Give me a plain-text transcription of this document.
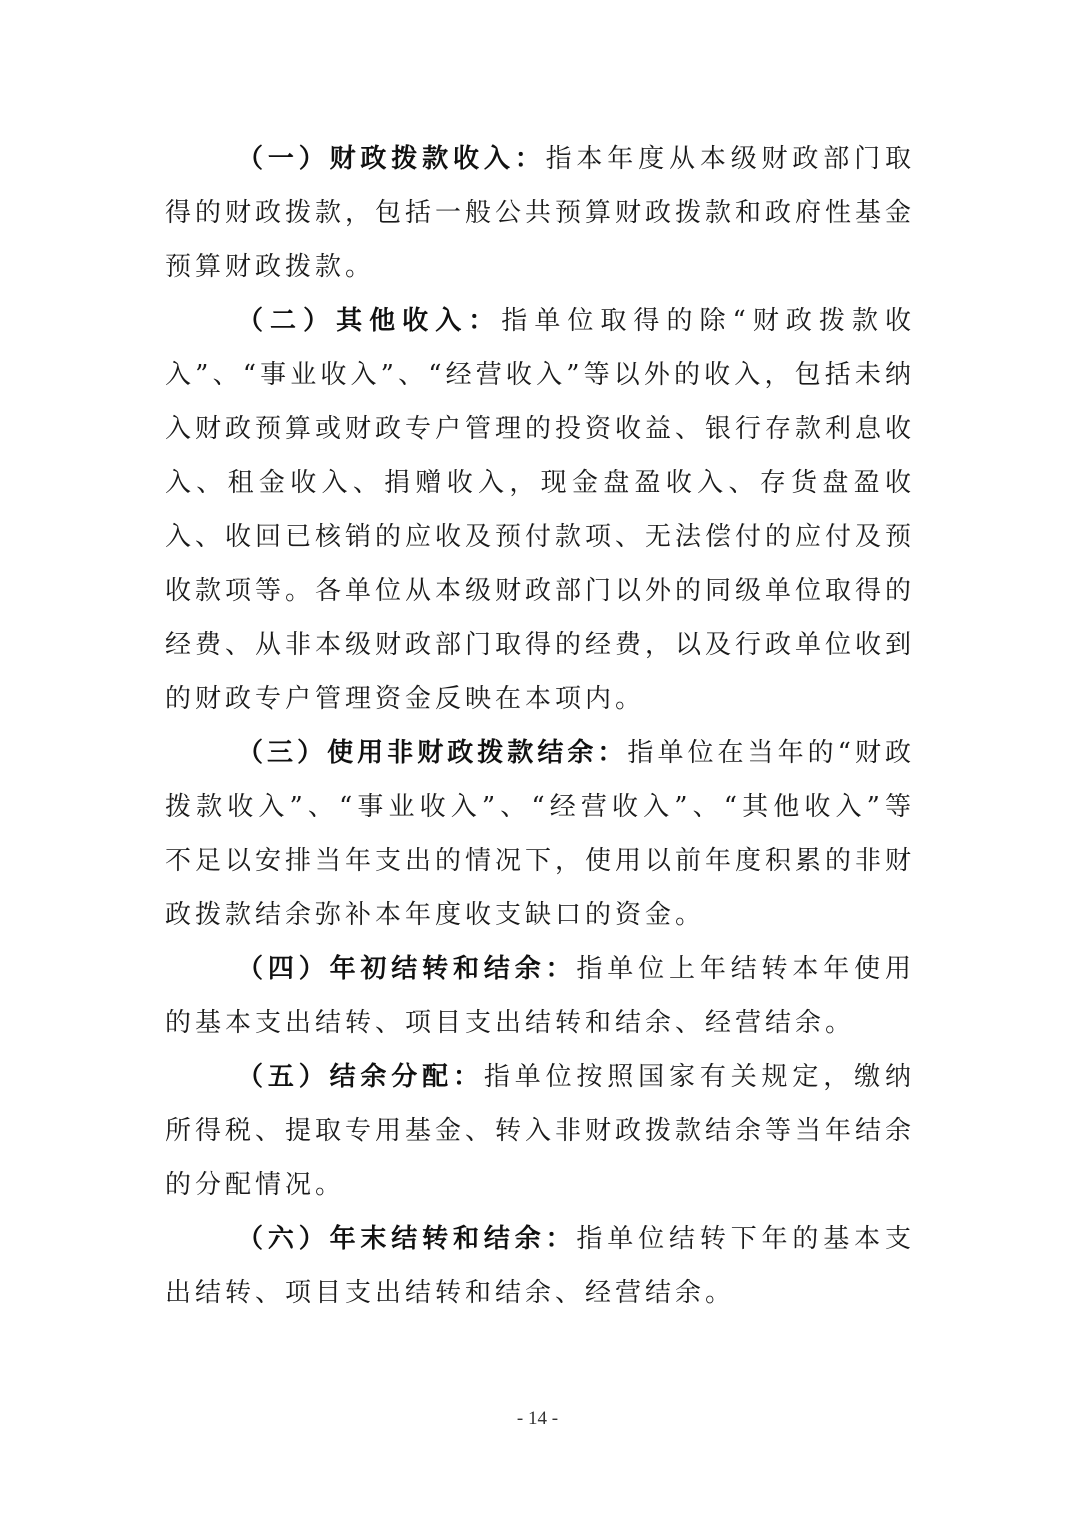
（一）财政拨款收入：指本年度从本级财政部门取得的财政拨款，包括一般公共预算财政拨款和政府性基金预算财政拨款。

（二）其他收入：指单位取得的除“财政拨款收入”、“事业收入”、“经营收入”等以外的收入，包括未纳入财政预算或财政专户管理的投资收益、银行存款利息收入、租金收入、捐赠收入，现金盘盈收入、存货盘盈收入、收回已核销的应收及预付款项、无法偿付的应付及预收款项等。各单位从本级财政部门以外的同级单位取得的经费、从非本级财政部门取得的经费，以及行政单位收到的财政专户管理资金反映在本项内。

（三）使用非财政拨款结余：指单位在当年的“财政拨款收入”、“事业收入”、“经营收入”、“其他收入”等不足以安排当年支出的情况下，使用以前年度积累的非财政拨款结余弥补本年度收支缺口的资金。

（四）年初结转和结余：指单位上年结转本年使用的基本支出结转、项目支出结转和结余、经营结余。

（五）结余分配：指单位按照国家有关规定，缴纳所得税、提取专用基金、转入非财政拨款结余等当年结余的分配情况。

（六）年末结转和结余：指单位结转下年的基本支出结转、项目支出结转和结余、经营结余。

- 14 -
